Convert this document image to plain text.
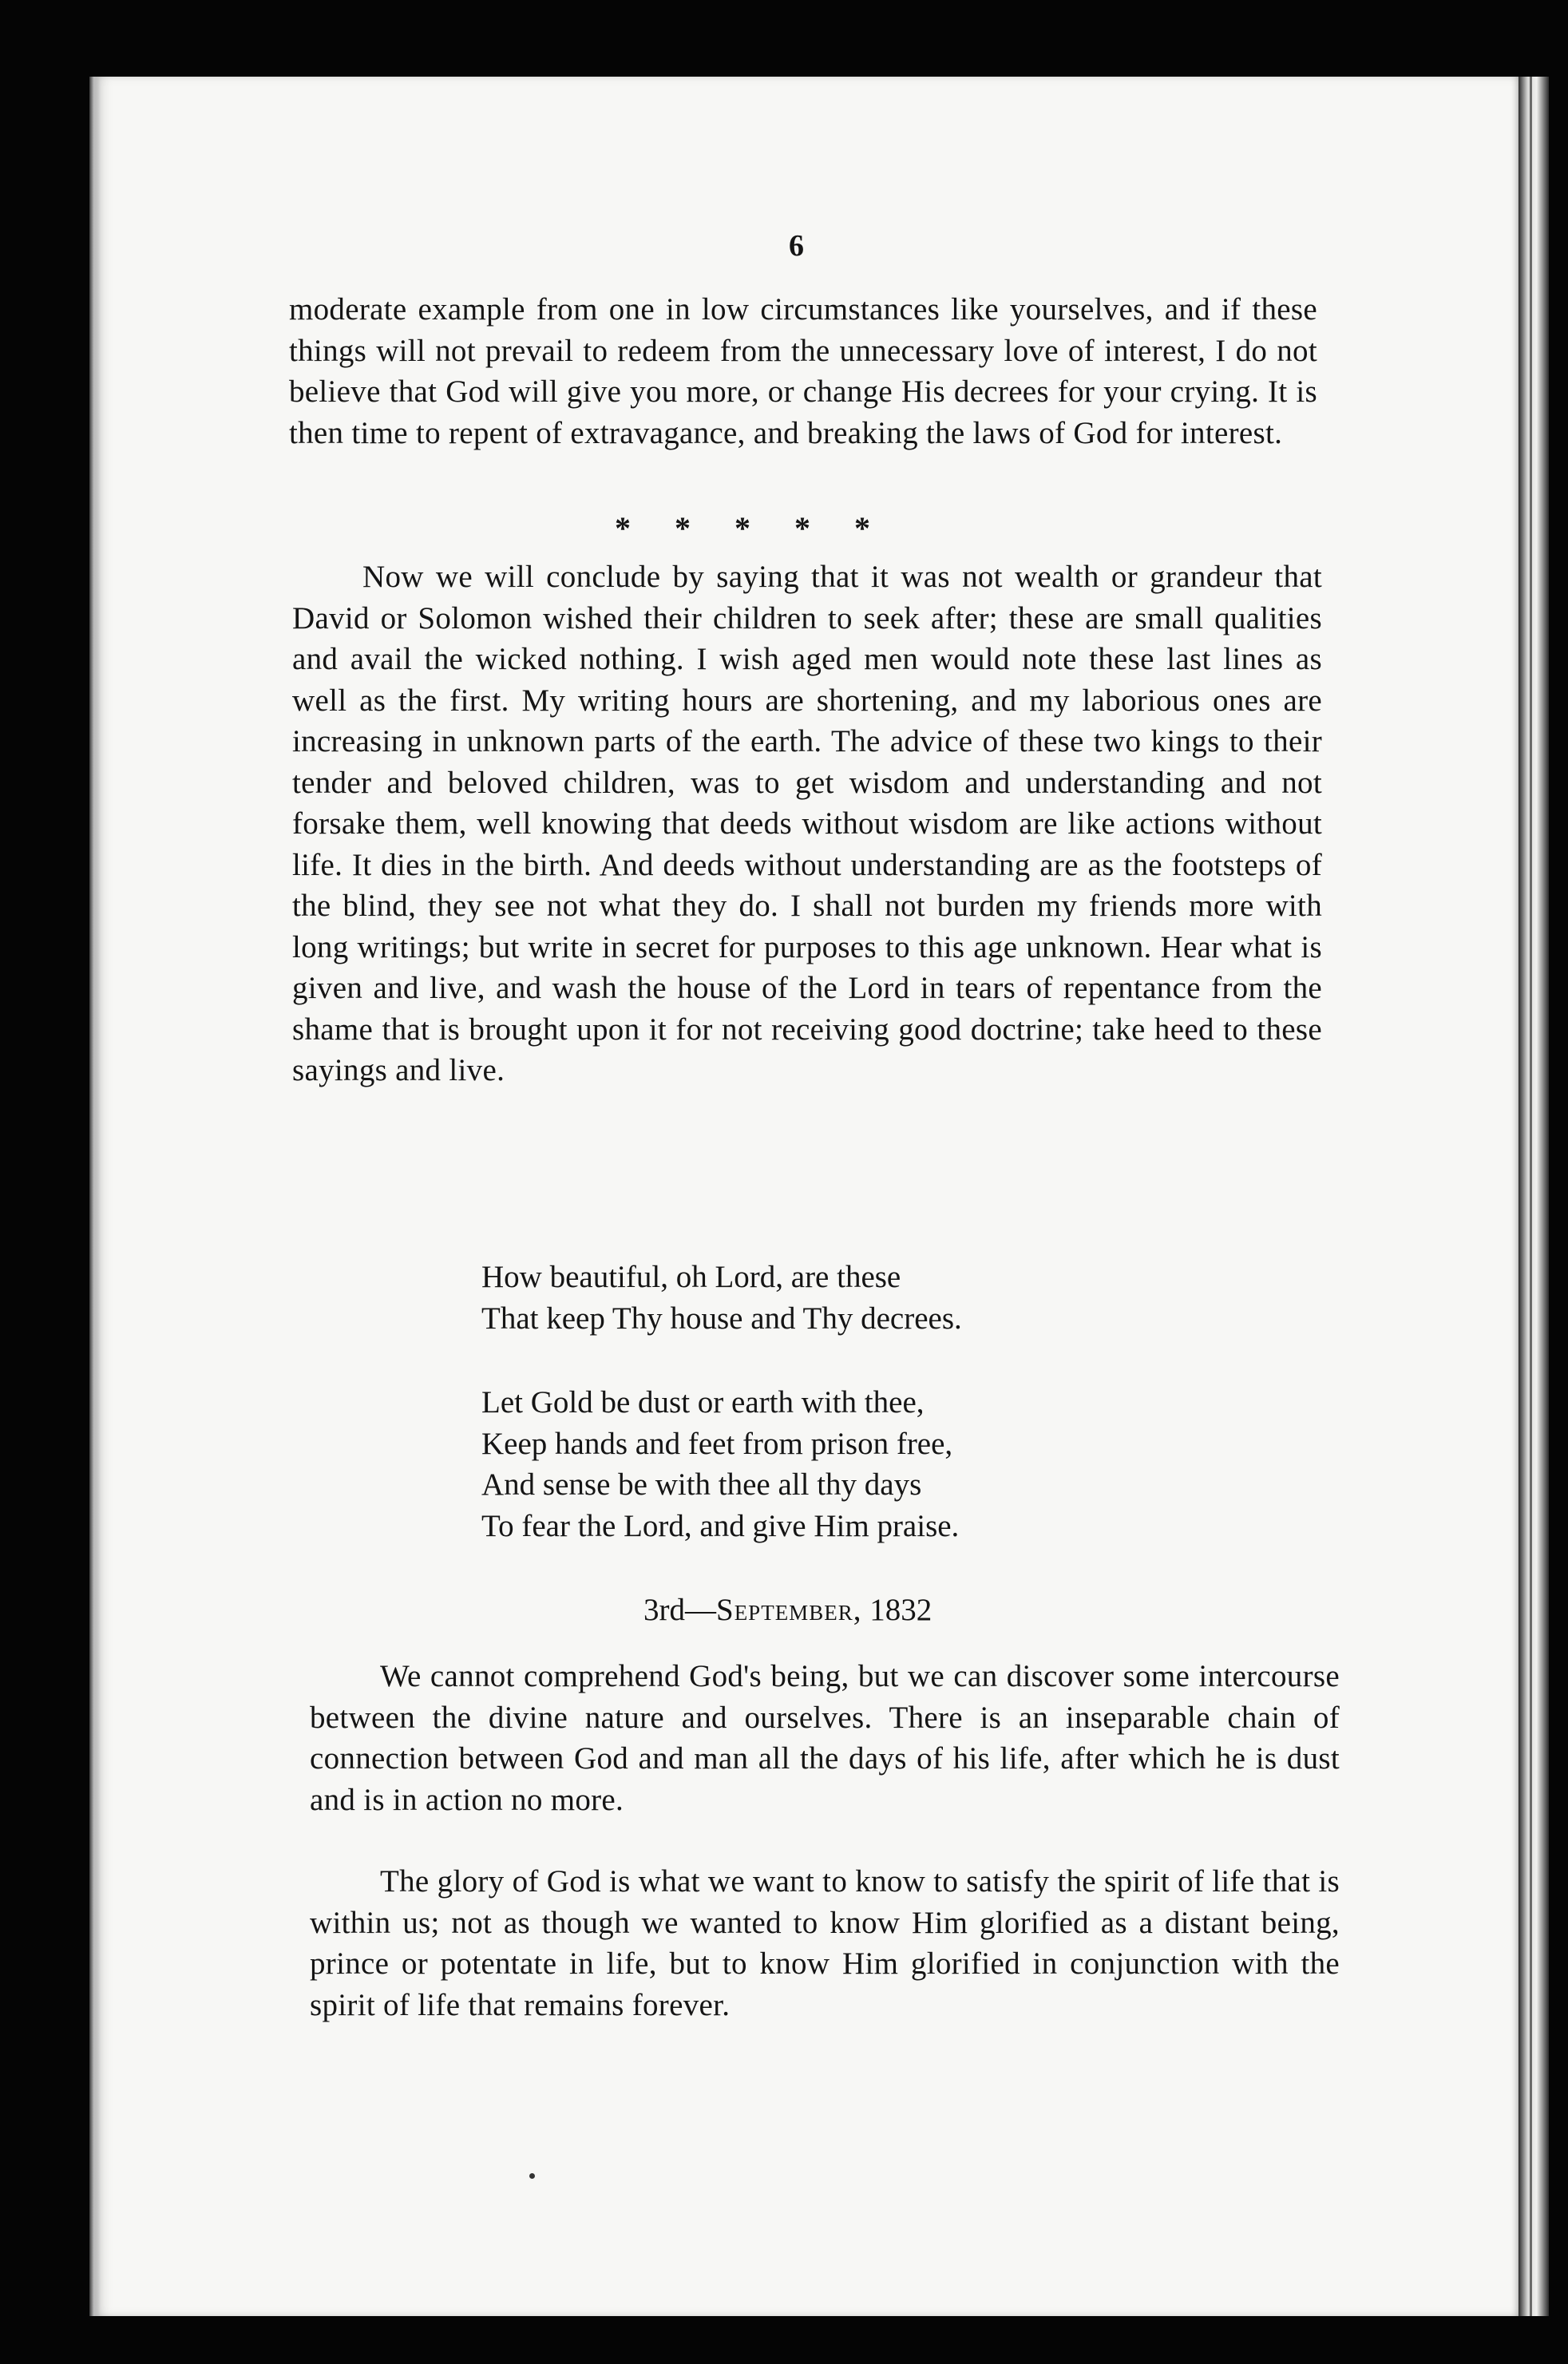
6

moderate example from one in low circumstances like yourselves, and if these things will not prevail to redeem from the unnecessary love of interest, I do not believe that God will give you more, or change His decrees for your crying. It is then time to repent of extravagance, and breaking the laws of God for interest.

*****

Now we will conclude by saying that it was not wealth or grandeur that David or Solomon wished their children to seek after; these are small qualities and avail the wicked nothing. I wish aged men would note these last lines as well as the first. My writing hours are shortening, and my laborious ones are increasing in unknown parts of the earth. The advice of these two kings to their tender and beloved children, was to get wisdom and understanding and not forsake them, well knowing that deeds without wisdom are like actions without life. It dies in the birth. And deeds without understanding are as the footsteps of the blind, they see not what they do. I shall not burden my friends more with long writings; but write in secret for purposes to this age unknown. Hear what is given and live, and wash the house of the Lord in tears of repentance from the shame that is brought upon it for not receiving good doctrine; take heed to these sayings and live.

How beautiful, oh Lord, are these
That keep Thy house and Thy decrees.
Let Gold be dust or earth with thee,
Keep hands and feet from prison free,
And sense be with thee all thy days
To fear the Lord, and give Him praise.
3rd—September, 1832

We cannot comprehend God's being, but we can discover some intercourse between the divine nature and ourselves. There is an inseparable chain of connection between God and man all the days of his life, after which he is dust and is in action no more.

The glory of God is what we want to know to satisfy the spirit of life that is within us; not as though we wanted to know Him glorified as a distant being, prince or potentate in life, but to know Him glorified in conjunction with the spirit of life that remains forever.
